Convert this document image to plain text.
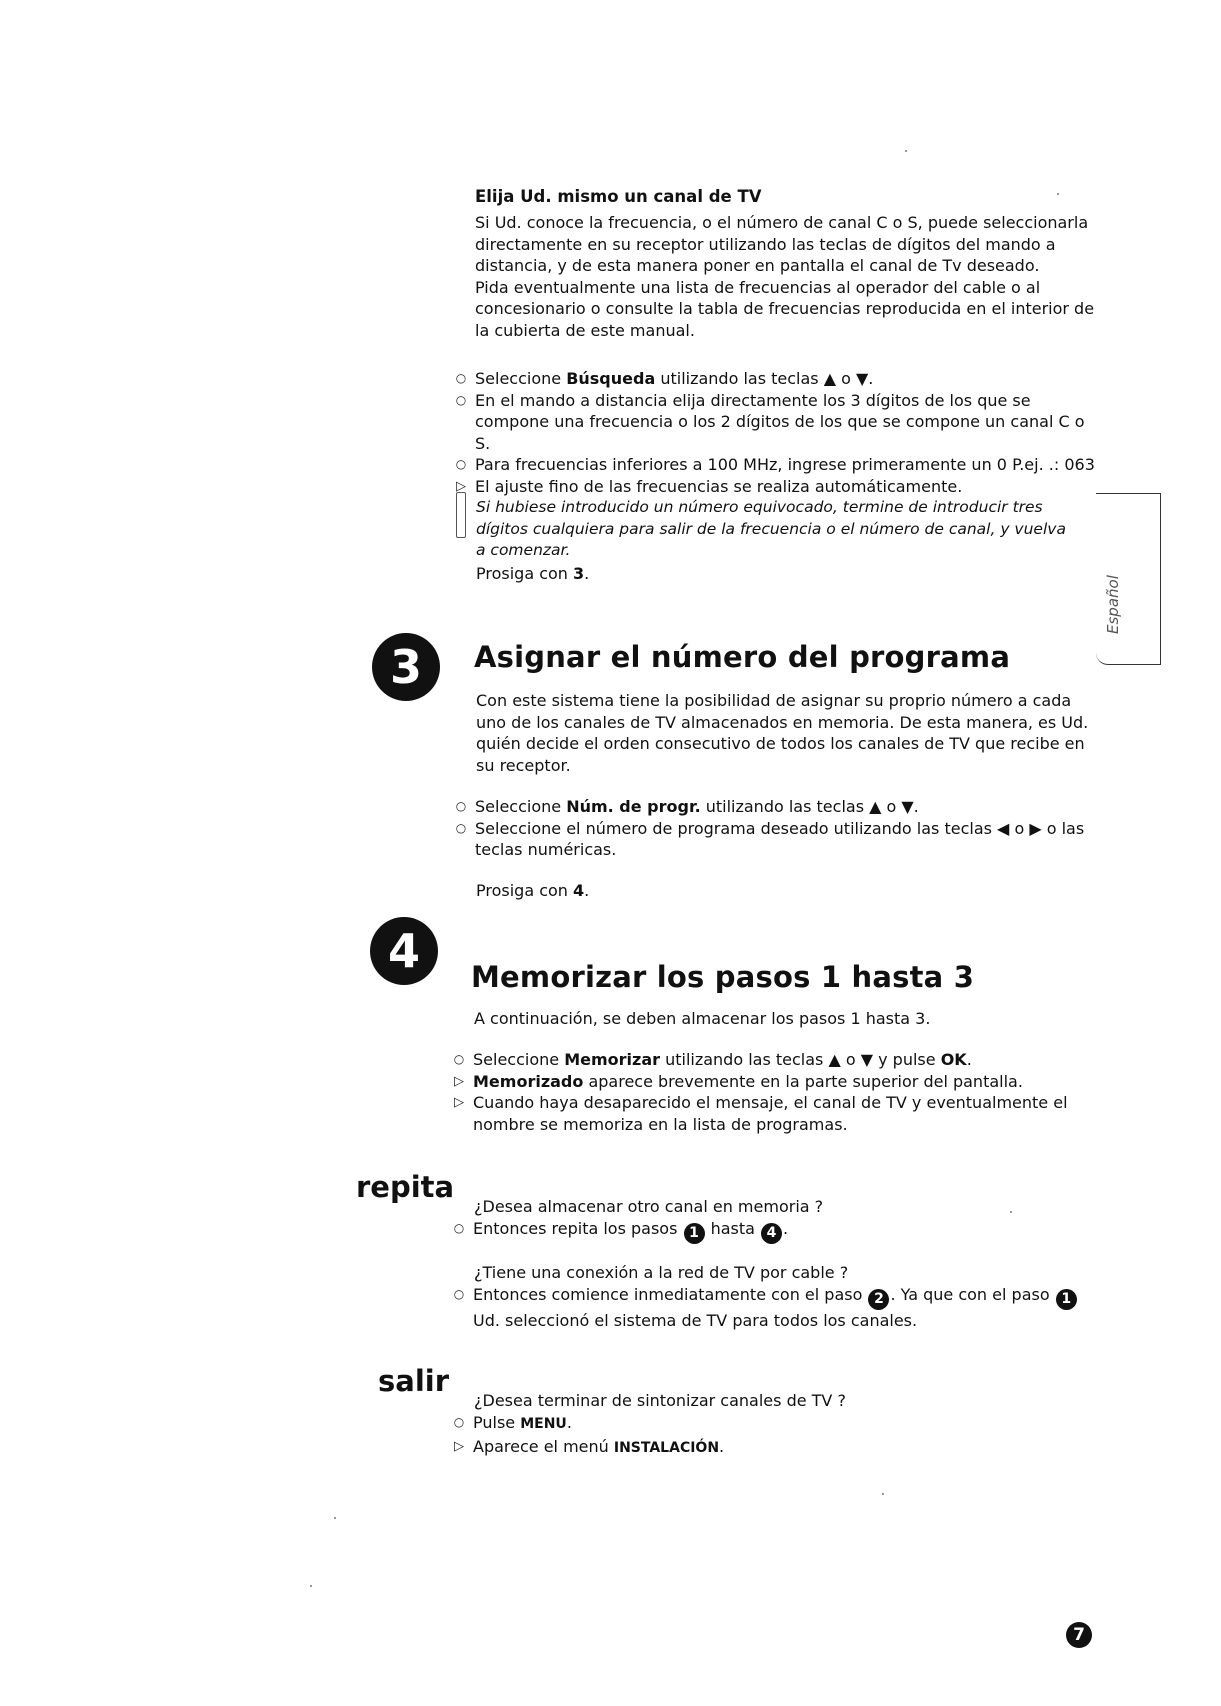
Elija Ud. mismo un canal de TV

Si Ud. conoce la frecuencia, o el número de canal C o S, puede seleccionarla directamente en su receptor utilizando las teclas de dígitos del mando a distancia, y de esta manera poner en pantalla el canal de Tv deseado.

Pida eventualmente una lista de frecuencias al operador del cable o al concesionario o consulte la tabla de frecuencias reproducida en el interior de la cubierta de este manual.

○ Seleccione Búsqueda utilizando las teclas ▲ o ▼.
○ En el mando a distancia elija directamente los 3 dígitos de los que se compone una frecuencia o los 2 dígitos de los que se compone un canal C o S.
○ Para frecuencias inferiores a 100 MHz, ingrese primeramente un 0 P.ej. .: 063
▷ El ajuste fino de las frecuencias se realiza automáticamente.
Si hubiese introducido un número equivocado, termine de introducir tres dígitos cualquiera para salir de la frecuencia o el número de canal, y vuelva a comenzar.

Prosiga con 3.

Español
3	Asignar el número del programa

Con este sistema tiene la posibilidad de asignar su proprio número a cada uno de los canales de TV almacenados en memoria. De esta manera, es Ud. quién decide el orden consecutivo de todos los canales de TV que recibe en su receptor.

○ Seleccione Núm. de progr. utilizando las teclas ▲ o ▼.
○ Seleccione el número de programa deseado utilizando las teclas ◀ o ▶ o las teclas numéricas.

Prosiga con 4.

4	Memorizar los pasos 1 hasta 3

A continuación, se deben almacenar los pasos 1 hasta 3.

○ Seleccione Memorizar utilizando las teclas ▲ o ▼ y pulse OK.
▷ Memorizado aparece brevemente en la parte superior del pantalla.
▷ Cuando haya desaparecido el mensaje, el canal de TV y eventualmente el nombre se memoriza en la lista de programas.

repita

¿Desea almacenar otro canal en memoria ?

○ Entonces repita los pasos 1 hasta 4 .

¿Tiene una conexión a la red de TV por cable ?

○ Entonces comience inmediatamente con el paso 2 . Ya que con el paso 1 Ud. seleccionó el sistema de TV para todos los canales.

salir

¿Desea terminar de sintonizar canales de TV ?

○ Pulse MENU.
▷ Aparece el menú INSTALACIÓN.
7
